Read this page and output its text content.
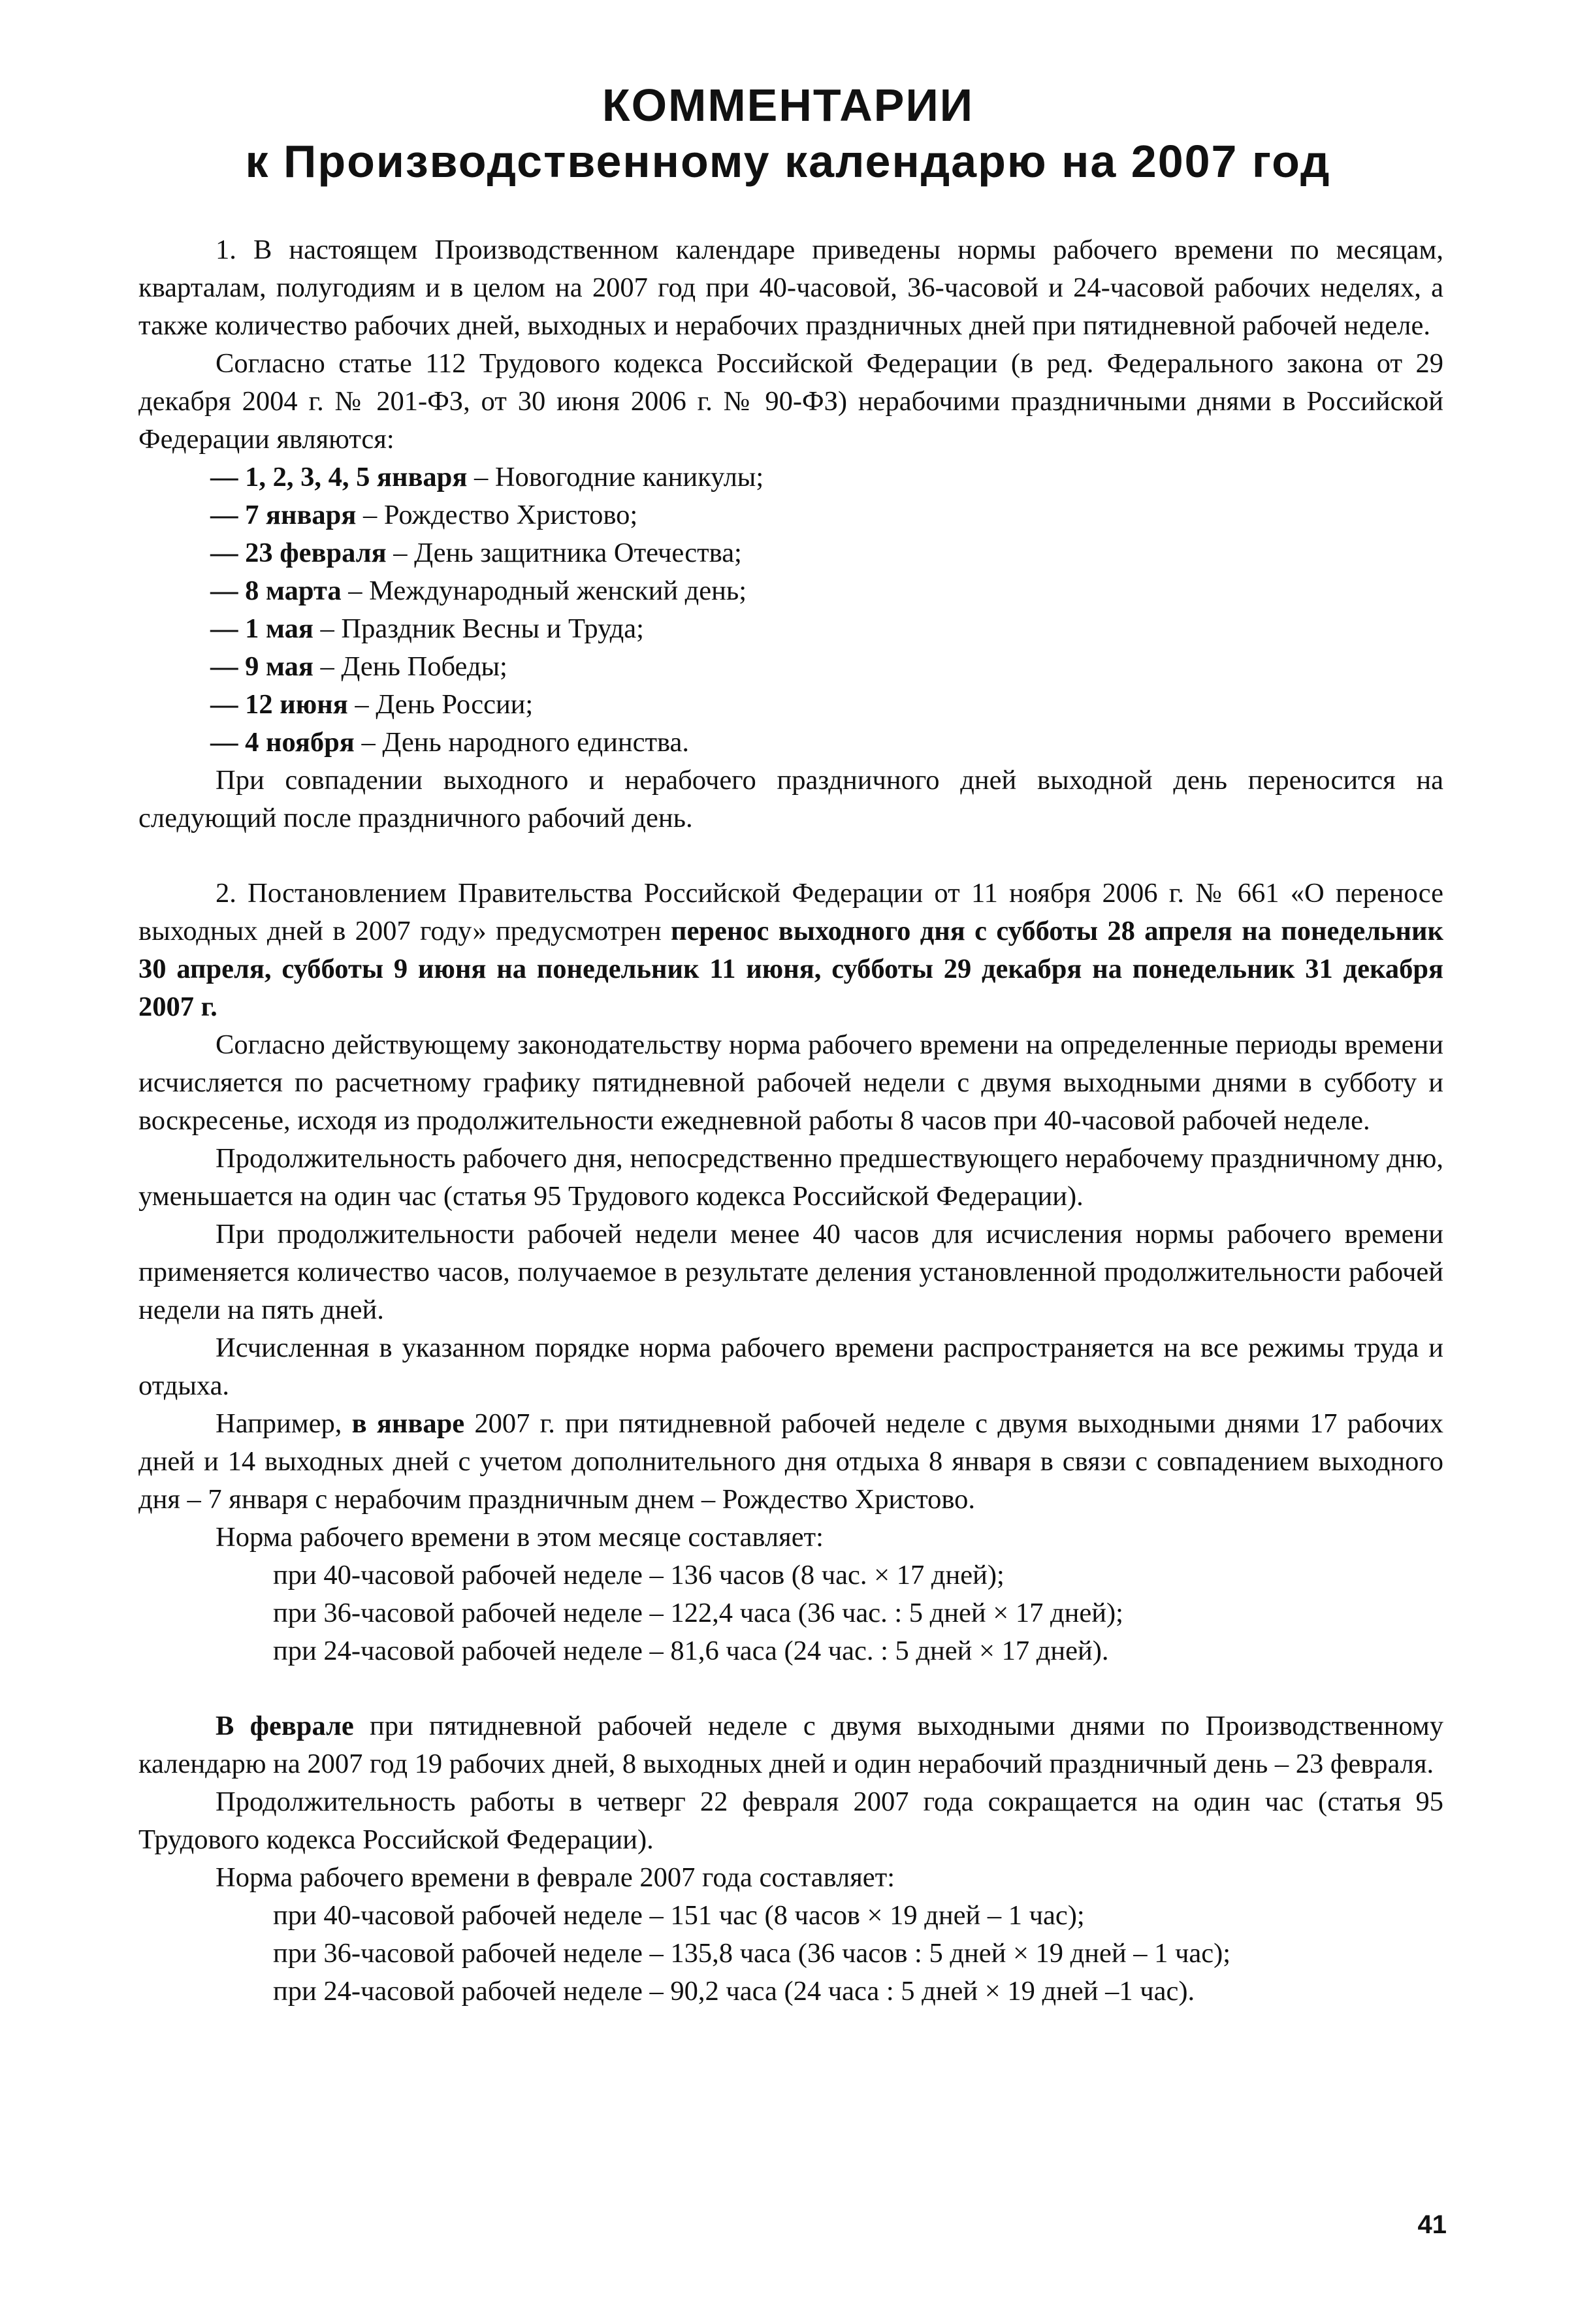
КОММЕНТАРИИ
к Производственному календарю на 2007 год

1. В настоящем Производственном календаре приведены нормы рабочего времени по месяцам, кварталам, полугодиям и в целом на 2007 год при 40-часовой, 36-часовой и 24-часовой рабочих неделях, а также количество рабочих дней, выходных и нерабочих праздничных дней при пятидневной рабочей неделе.

Согласно статье 112 Трудового кодекса Российской Федерации (в ред. Федерального закона от 29 декабря 2004 г. № 201-ФЗ, от 30 июня 2006 г. № 90-ФЗ) нерабочими праздничными днями в Российской Федерации являются:

— 1, 2, 3, 4, 5 января – Новогодние каникулы;

— 7 января – Рождество Христово;

— 23 февраля – День защитника Отечества;

— 8 марта – Международный женский день;

— 1 мая – Праздник Весны и Труда;

— 9 мая – День Победы;

— 12 июня – День России;

— 4 ноября – День народного единства.

При совпадении выходного и нерабочего праздничного дней выходной день переносится на следующий после праздничного рабочий день.

2. Постановлением Правительства Российской Федерации от 11 ноября 2006 г. № 661 «О переносе выходных дней в 2007 году» предусмотрен перенос выходного дня с субботы 28 апреля на понедельник 30 апреля, субботы 9 июня на понедельник 11 июня, субботы 29 декабря на понедельник 31 декабря 2007 г.

Согласно действующему законодательству норма рабочего времени на определенные периоды времени исчисляется по расчетному графику пятидневной рабочей недели с двумя выходными днями в субботу и воскресенье, исходя из продолжительности ежедневной работы 8 часов при 40-часовой рабочей неделе.

Продолжительность рабочего дня, непосредственно предшествующего нерабочему праздничному дню, уменьшается на один час (статья 95 Трудового кодекса Российской Федерации).

При продолжительности рабочей недели менее 40 часов для исчисления нормы рабочего времени применяется количество часов, получаемое в результате деления установленной продолжительности рабочей недели на пять дней.

Исчисленная в указанном порядке норма рабочего времени распространяется на все режимы труда и отдыха.

Например, в январе 2007 г. при пятидневной рабочей неделе с двумя выходными днями 17 рабочих дней и 14 выходных дней с учетом дополнительного дня отдыха 8 января в связи с совпадением выходного дня – 7 января с нерабочим праздничным днем – Рождество Христово.

Норма рабочего времени в этом месяце составляет:

при 40-часовой рабочей неделе – 136 часов (8 час. × 17 дней);

при 36-часовой рабочей неделе – 122,4 часа (36 час. : 5 дней × 17 дней);

при 24-часовой рабочей неделе – 81,6 часа (24 час. : 5 дней × 17 дней).

В феврале при пятидневной рабочей неделе с двумя выходными днями по Производственному календарю на 2007 год 19 рабочих дней, 8 выходных дней и один нерабочий праздничный день – 23 февраля.

Продолжительность работы в четверг 22 февраля 2007 года сокращается на один час (статья 95 Трудового кодекса Российской Федерации).

Норма рабочего времени в феврале 2007 года составляет:

при 40-часовой рабочей неделе – 151 час (8 часов × 19 дней – 1 час);

при 36-часовой рабочей неделе – 135,8 часа (36 часов : 5 дней × 19 дней – 1 час);

при 24-часовой рабочей неделе – 90,2 часа (24 часа : 5 дней × 19 дней –1 час).

41
